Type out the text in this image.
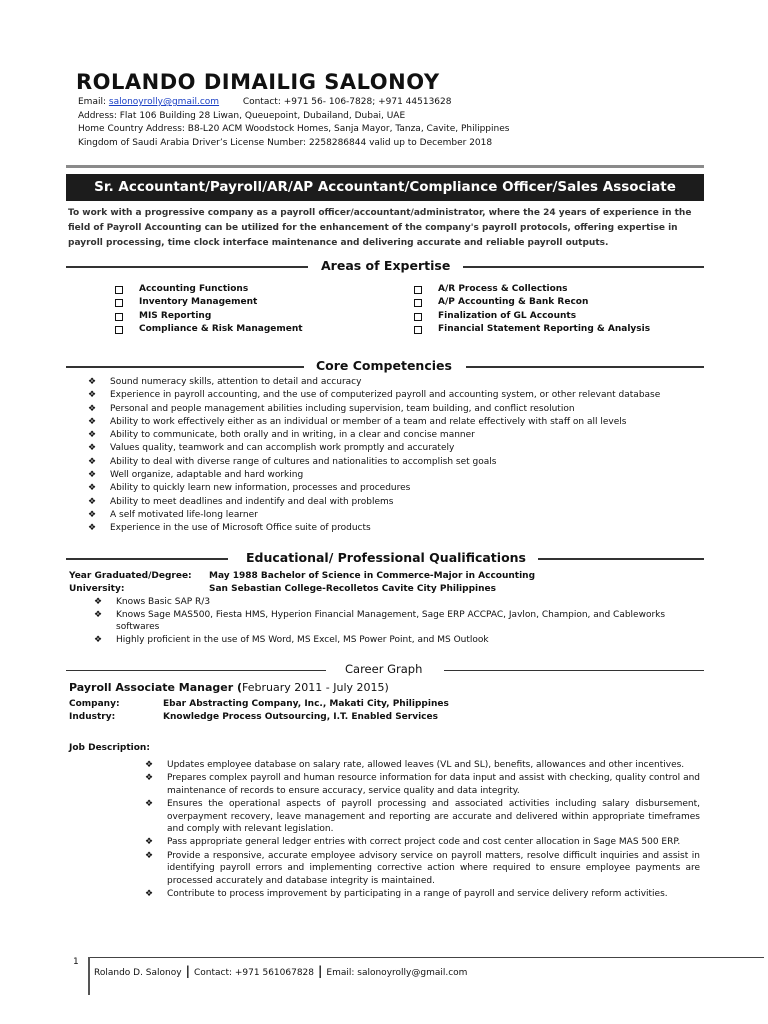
ROLANDO DIMAILIG SALONOY
Email: salonoyrolly@gmail.com	Contact: +971 56- 106-7828; +971 44513628
Address: Flat 106 Building 28 Liwan, Queuepoint, Dubailand, Dubai, UAE
Home Country Address: B8-L20 ACM Woodstock Homes, Sanja Mayor, Tanza, Cavite, Philippines
Kingdom of Saudi Arabia Driver’s License Number: 2258286844 valid up to December 2018
Sr. Accountant/Payroll/AR/AP Accountant/Compliance Officer/Sales Associate
To work with a progressive company as a payroll officer/accountant/administrator, where the 24 years of experience in the field of Payroll Accounting can be utilized for the enhancement of the company's payroll protocols, offering expertise in payroll processing, time clock interface maintenance and delivering accurate and reliable payroll outputs.
Areas of Expertise
Accounting Functions
Inventory Management
MIS Reporting
Compliance & Risk Management
A/R Process & Collections
A/P Accounting & Bank Recon
Finalization of GL Accounts
Financial Statement Reporting & Analysis
Core Competencies
❖ Sound numeracy skills, attention to detail and accuracy
❖ Experience in payroll accounting, and the use of computerized payroll and accounting system, or other relevant database
❖ Personal and people management abilities including supervision, team building, and conflict resolution
❖ Ability to work effectively either as an individual or member of a team and relate effectively with staff on all levels
❖ Ability to communicate, both orally and in writing, in a clear and concise manner
❖ Values quality, teamwork and can accomplish work promptly and accurately
❖ Ability to deal with diverse range of cultures and nationalities to accomplish set goals
❖ Well organize, adaptable and hard working
❖ Ability to quickly learn new information, processes and procedures
❖ Ability to meet deadlines and indentify and deal with problems
❖ A self motivated life-long learner
❖ Experience in the use of Microsoft Office suite of products
Educational/ Professional Qualifications
Year Graduated/Degree: May 1988 Bachelor of Science in Commerce-Major in Accounting
University:	San Sebastian College-Recolletos Cavite City Philippines
❖ Knows Basic SAP R/3
❖ Knows Sage MAS500, Fiesta HMS, Hyperion Financial Management, Sage ERP ACCPAC, Javlon, Champion, and Cableworks softwares
❖ Highly proficient in the use of MS Word, MS Excel, MS Power Point, and MS Outlook
Career Graph
Payroll Associate Manager (February 2011 - July 2015)
Company:	Ebar Abstracting Company, Inc., Makati City, Philippines
Industry:	Knowledge Process Outsourcing, I.T. Enabled Services
Job Description:
❖ Updates employee database on salary rate, allowed leaves (VL and SL), benefits, allowances and other incentives.
❖ Prepares complex payroll and human resource information for data input and assist with checking, quality control and maintenance of records to ensure accuracy, service quality and data integrity.
❖ Ensures the operational aspects of payroll processing and associated activities including salary disbursement, overpayment recovery, leave management and reporting are accurate and delivered within appropriate timeframes and comply with relevant legislation.
❖ Pass appropriate general ledger entries with correct project code and cost center allocation in Sage MAS 500 ERP.
❖ Provide a responsive, accurate employee advisory service on payroll matters, resolve difficult inquiries and assist in identifying payroll errors and implementing corrective action where required to ensure employee payments are processed accurately and database integrity is maintained.
❖ Contribute to process improvement by participating in a range of payroll and service delivery reform activities.
1
Rolando D. Salonoy | Contact: +971 561067828 | Email: salonoyrolly@gmail.com
